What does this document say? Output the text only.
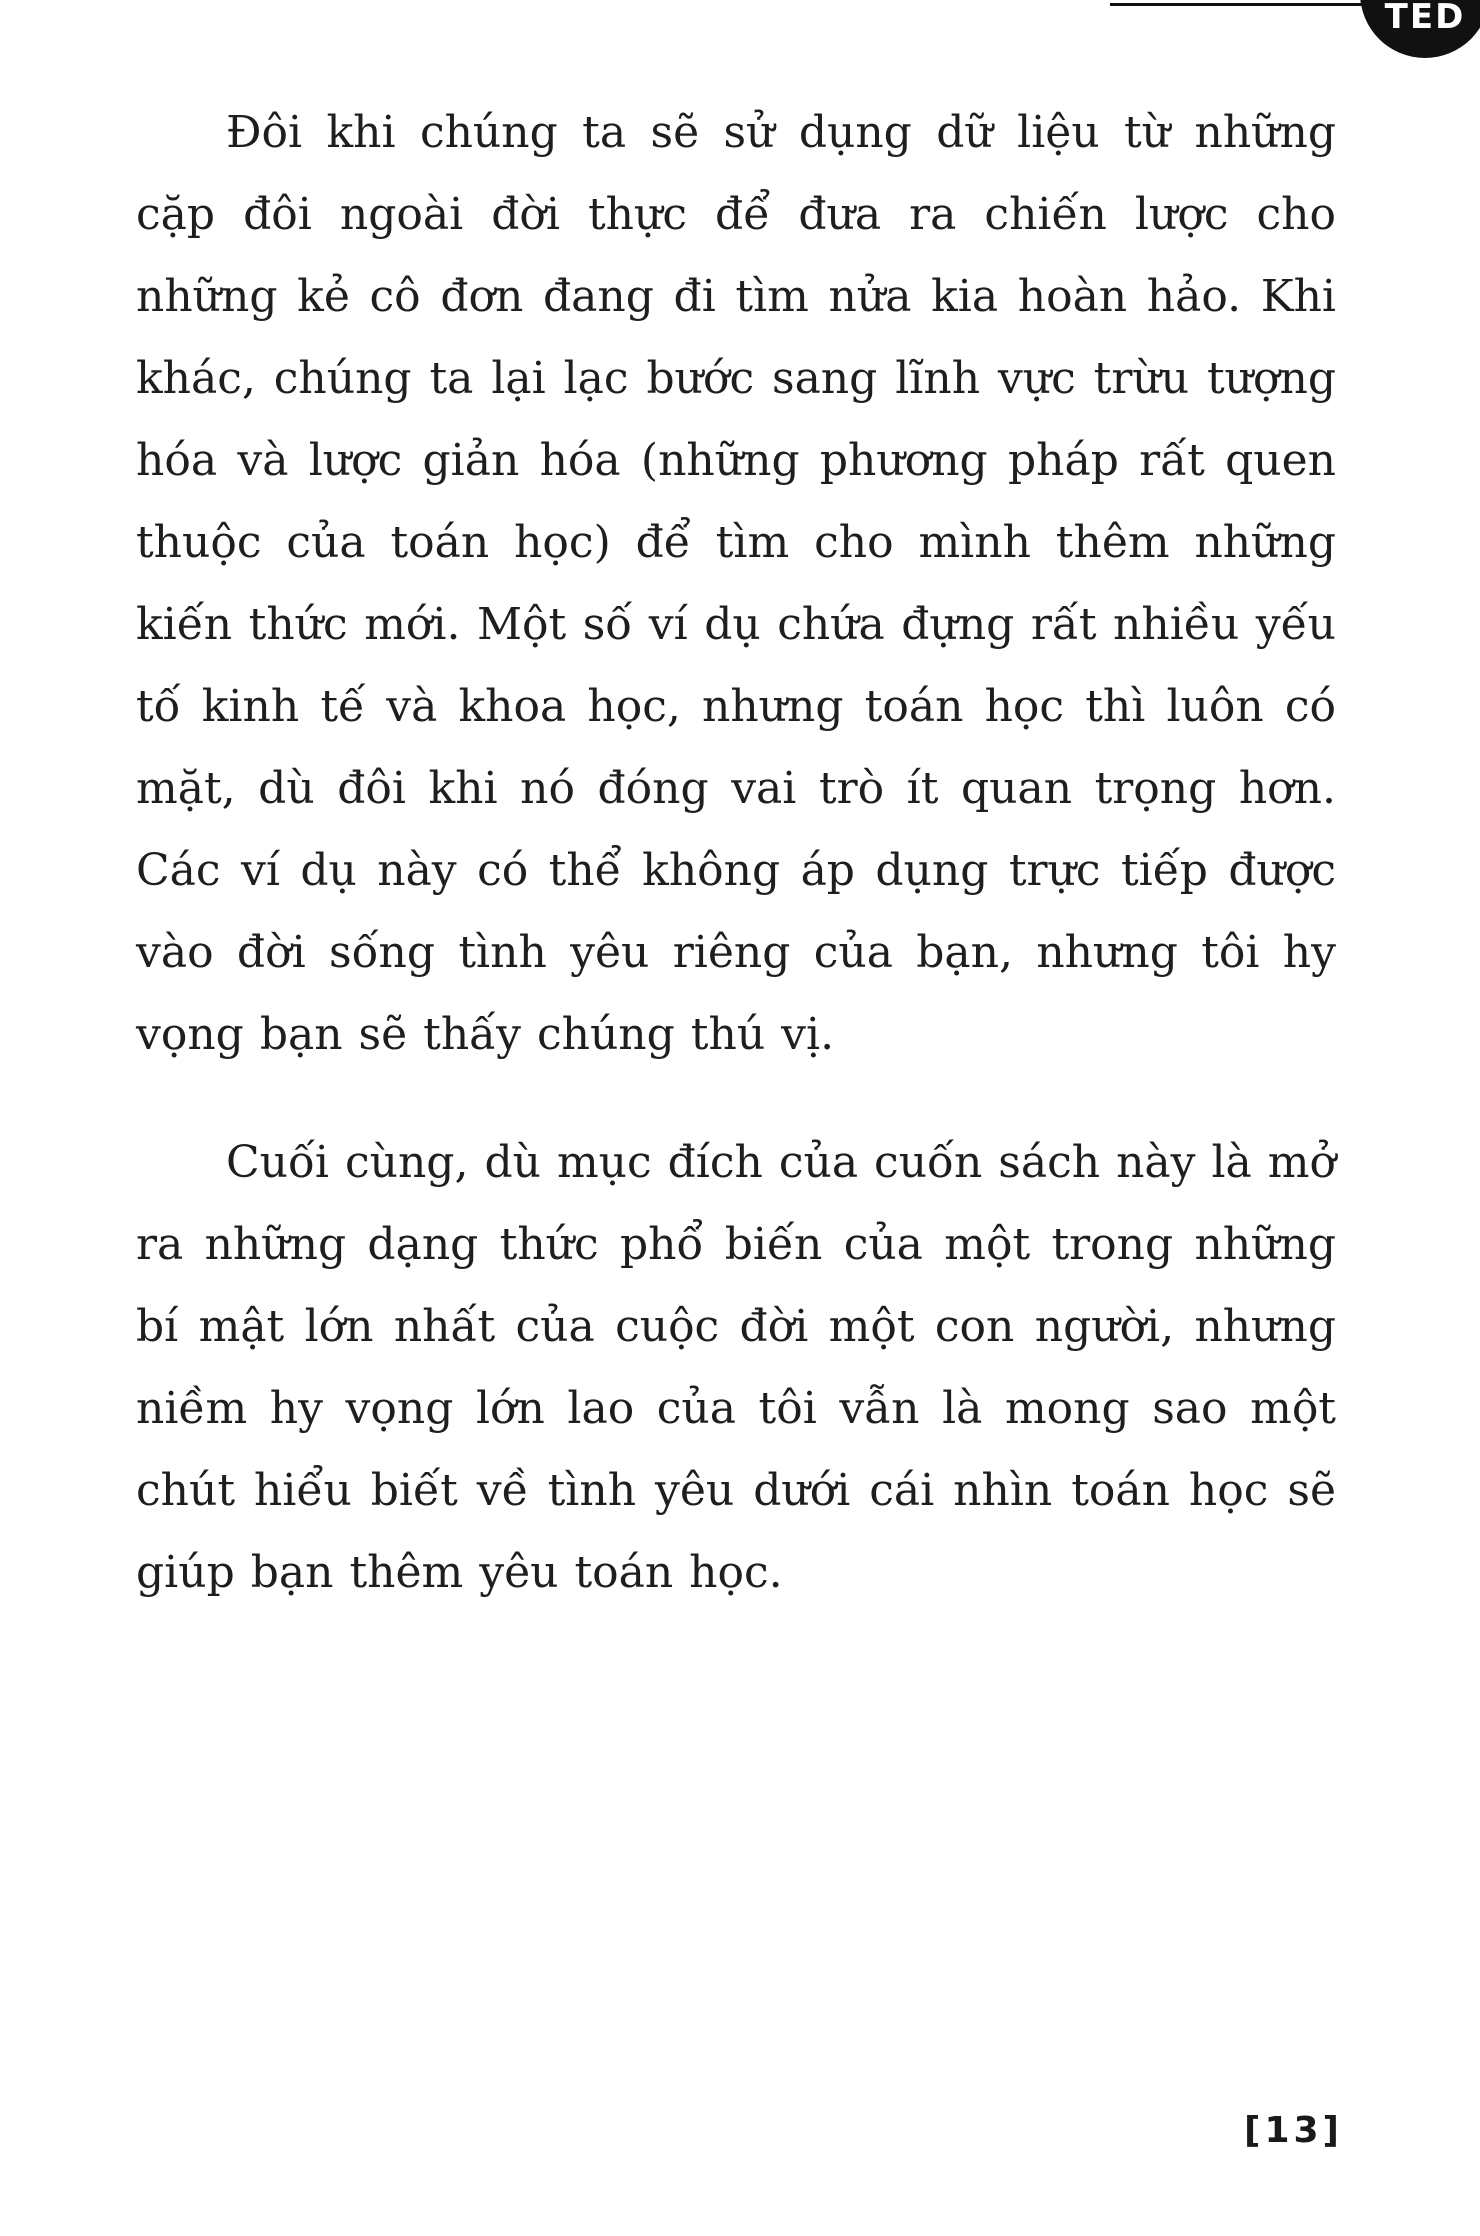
TED

Đôi khi chúng ta sẽ sử dụng dữ liệu từ những cặp đôi ngoài đời thực để đưa ra chiến lược cho những kẻ cô đơn đang đi tìm nửa kia hoàn hảo. Khi khác, chúng ta lại lạc bước sang lĩnh vực trừu tượng hóa và lược giản hóa (những phương pháp rất quen thuộc của toán học) để tìm cho mình thêm những kiến thức mới. Một số ví dụ chứa đựng rất nhiều yếu tố kinh tế và khoa học, nhưng toán học thì luôn có mặt, dù đôi khi nó đóng vai trò ít quan trọng hơn. Các ví dụ này có thể không áp dụng trực tiếp được vào đời sống tình yêu riêng của bạn, nhưng tôi hy vọng bạn sẽ thấy chúng thú vị.

Cuối cùng, dù mục đích của cuốn sách này là mở ra những dạng thức phổ biến của một trong những bí mật lớn nhất của cuộc đời một con người, nhưng niềm hy vọng lớn lao của tôi vẫn là mong sao một chút hiểu biết về tình yêu dưới cái nhìn toán học sẽ giúp bạn thêm yêu toán học.

[13]
